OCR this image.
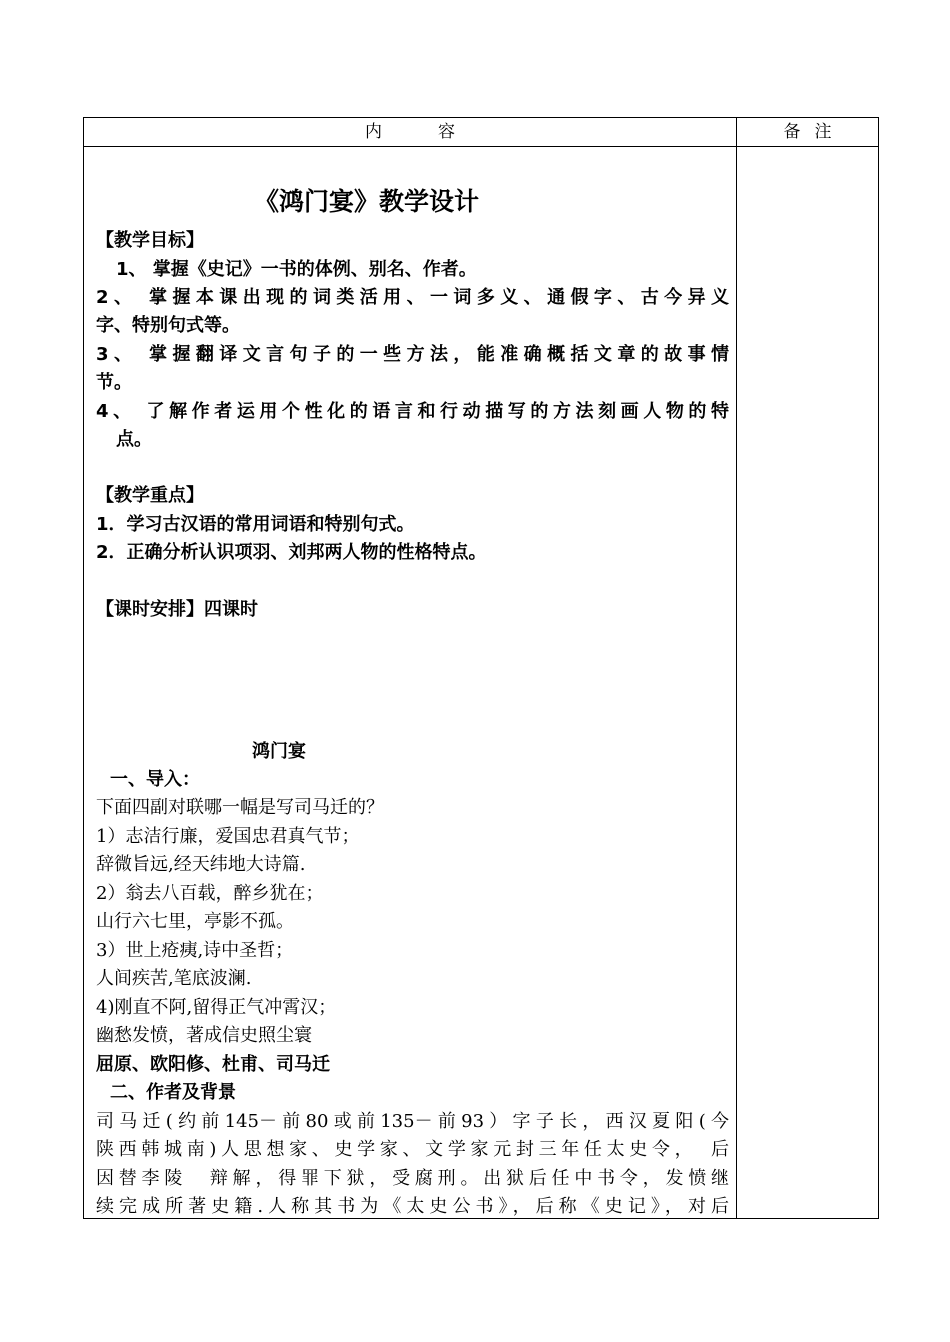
内容	备注
《鸿门宴》教学设计
【教学目标】
1、 掌握《史记》一书的体例、别名、作者。
2、 掌握本课出现的词类活用、一词多义、通假字、古今异义
字、特别句式等。
3、 掌握翻译文言句子的一些方法，能准确概括文章的故事情
节。
4、 了解作者运用个性化的语言和行动描写的方法刻画人物的特
点。
【教学重点】
1．学习古汉语的常用词语和特别句式。
2．正确分析认识项羽、刘邦两人物的性格特点。
【课时安排】四课时
鸿门宴
一、导入：
下面四副对联哪一幅是写司马迁的？
1）志洁行廉，爱国忠君真气节；
辞微旨远,经天纬地大诗篇.
2）翁去八百载，醉乡犹在；
山行六七里，亭影不孤。
3）世上疮痍,诗中圣哲；
人间疾苦,笔底波澜.
4)刚直不阿,留得正气冲霄汉；
幽愁发愤，著成信史照尘寰
屈原、欧阳修、杜甫、司马迁
二、作者及背景
司马迁(约前145－前80或前135－前93）字子长，西汉夏阳(今
陕西韩城南)人思想家、史学家、文学家元封三年任太史令，　后
因替李陵　辩解，得罪下狱，受腐刑。出狱后任中书令，发愤继
续完成所著史籍.人称其书为《太史公书》，后称《史记》，对后
